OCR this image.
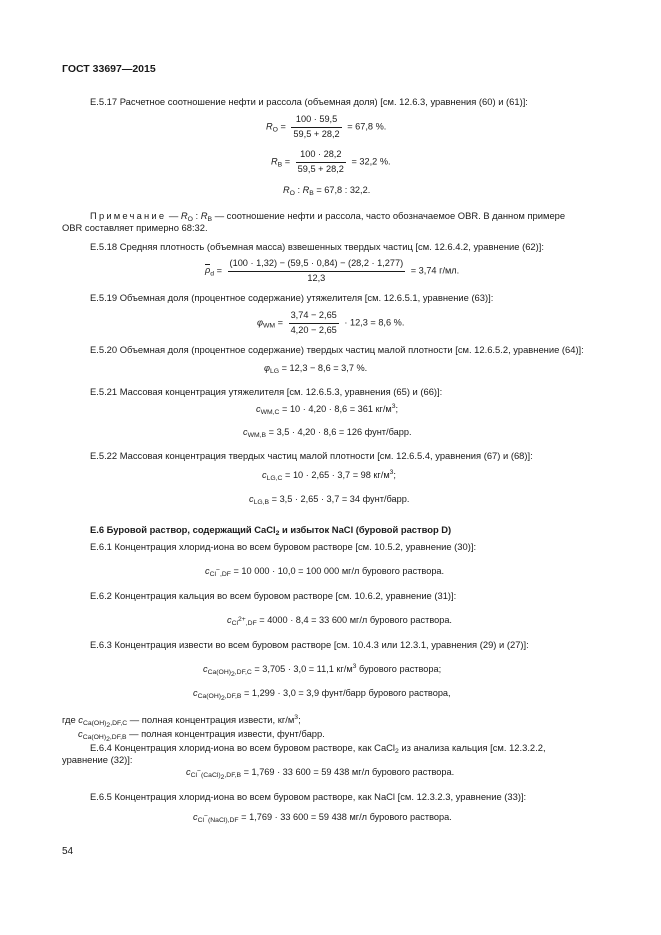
ГОСТ 33697—2015
Е.5.17 Расчетное соотношение нефти и рассола (объемная доля) [см. 12.6.3, уравнения (60) и (61)]:
$R_O = \frac{100 \cdot 59,5}{59,5 + 28,2} = 67,8$ %.
$R_B = \frac{100 \cdot 28,2}{59,5 + 28,2} = 32,2$ %.
$R_O$ : $R_B = 67,8$ : 32,2.
Примечание — $R_O$ : $R_B$ — соотношение нефти и рассола, часто обозначаемое OBR. В данном примере
OBR составляет примерно 68:32.
Е.5.18 Средняя плотность (объемная масса) взвешенных твердых частиц [см. 12.6.4.2, уравнение (62)]:
$\rho_d = \frac{(100 \cdot 1,32) - (59,5 \cdot 0,84) - (28,2 \cdot 1,277)}{12,3} = 3,74$ г/мл.
Е.5.19 Объемная доля (процентное содержание) утяжелителя [см. 12.6.5.1, уравнение (63)]:
$\varphi_{WM} = \frac{3,74 - 2,65}{4,20 - 2,65} \cdot 12,3 = 8,6$ %.
Е.5.20 Объемная доля (процентное содержание) твердых частиц малой плотности [см. 12.6.5.2, уравнение (64)]:
$\varphi_{LG} = 12,3 - 8,6 = 3,7$ %.
Е.5.21 Массовая концентрация утяжелителя [см. 12.6.5.3, уравнения (65) и (66)]:
$c_{WM,C} = 10 \cdot 4,20 \cdot 8,6 = 361$ $кг/м^3$;
$c_{WM,B} = 3,5 \cdot 4,20 \cdot 8,6 = 126$ фунт/барр.
Е.5.22 Массовая концентрация твердых частиц малой плотности [см. 12.6.5.4, уравнения (67) и (68)]:
$c_{LG,C} = 10 \cdot 2,65 \cdot 3,7 = 98$ $кг/м^3$;
$c_{LG,B} = 3,5 \cdot 2,65 \cdot 3,7 = 34$ фунт/барр.
Е.6 Буровой раствор, содержащий CaCl$_2$ и избыток NaCl (буровой раствор D)
Е.6.1 Концентрация хлорид-иона во всем буровом растворе [см. 10.5.2, уравнение (30)]:
$c_{Cl^-,DF} = 10$ 000 · 10,0 = 100 000 мг/л бурового раствора.
Е.6.2 Концентрация кальция во всем буровом растворе [см. 10.6.2, уравнение (31)]:
$c_{Cl^{2+},DF} = 4000 \cdot 8,4 = 33$ 600 мг/л бурового раствора.
Е.6.3 Концентрация извести во всем буровом растворе [см. 10.4.3 или 12.3.1, уравнения (29) и (27)]:
$c_{Ca(OH)_2,DF,C} = 3,705 \cdot 3,0 = 11,1$ $кг/м^3$ бурового раствора;
$c_{Ca(OH)_2,DF,B} = 1,299 \cdot 3,0 = 3,9$ фунт/барр бурового раствора,
где $c_{Ca(OH)_2,DF,C}$ — полная концентрация извести, $кг/м^3$;
$c_{Ca(OH)_2,DF,B}$ — полная концентрация извести, фунт/барр.
Е.6.4 Концентрация хлорид-иона во всем буровом растворе, как CaCl$_2$ из анализа кальция [см. 12.3.2.2,
уравнение (32)]:
$c_{Cl^-(CaCl)_2,DF,B} = 1,769 \cdot 33$ 600 = 59 438 мг/л бурового раствора.
Е.6.5 Концентрация хлорид-иона во всем буровом растворе, как NaCl [см. 12.3.2.3, уравнение (33)]:
$c_{Cl^-(NaCl),DF} = 1,769 \cdot 33$ 600 = 59 438 мг/л бурового раствора.
54
